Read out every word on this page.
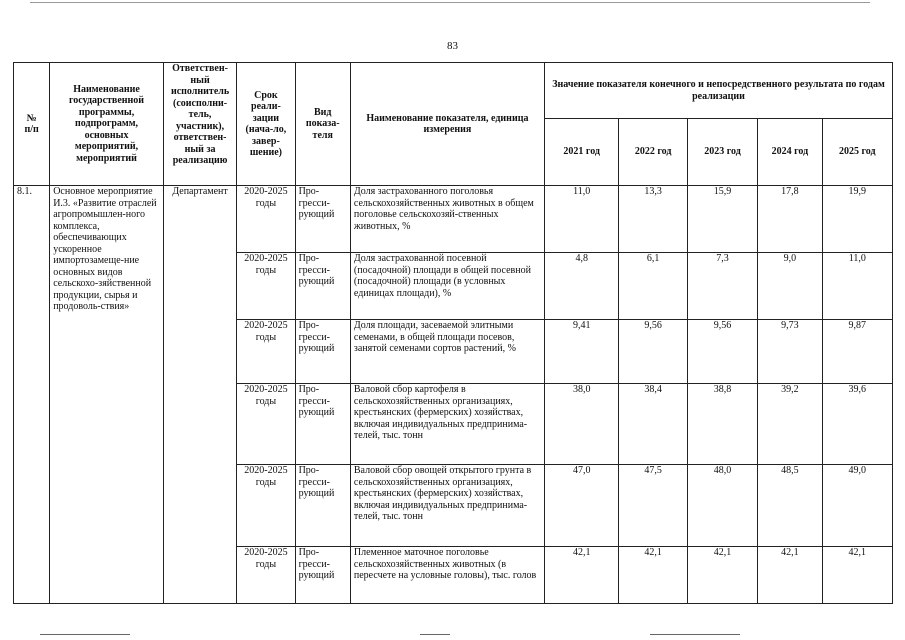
83
№
п/п	Наименование государственной программы, подпрограмм, основных мероприятий, мероприятий	Ответствен-ный исполнитель (соисполни-тель, участник), ответствен-ный за реализацию	Срок реали-зации (нача-ло, завер-шение)	Вид показа-теля	Наименование показателя, единица измерения	Значение показателя конечного и непосредственного результата по годам реализации				
						2021 год	2022 год	2023 год	2024 год	2025 год
8.1.	Основное мероприятие И.3. «Развитие отраслей агропромышлен-ного комплекса, обеспечивающих ускоренное импортозамеще-ние основных видов сельскохо-зяйственной продукции, сырья и продоволь-ствия»	Департамент	2020-2025 годы	Про-гресси-рующий	Доля застрахованного поголовья сельскохозяйственных животных в общем поголовье сельскохозяй-ственных животных, %	11,0	13,3	15,9	17,8	19,9
			2020-2025 годы	Про-гресси-рующий	Доля застрахованной посевной (посадочной) площади в общей посевной (посадочной) площади (в условных единицах площади), %	4,8	6,1	7,3	9,0	11,0
			2020-2025 годы	Про-гресси-рующий	Доля площади, засеваемой элитными семенами, в общей площади посевов, занятой семенами сортов растений, %	9,41	9,56	9,56	9,73	9,87
			2020-2025 годы	Про-гресси-рующий	Валовой сбор картофеля в сельскохозяйственных организациях, крестьянских (фермерских) хозяйствах, включая индивидуальных предпринима-телей, тыс. тонн	38,0	38,4	38,8	39,2	39,6
			2020-2025 годы	Про-гресси-рующий	Валовой сбор овощей открытого грунта в сельскохозяйственных организациях, крестьянских (фермерских) хозяйствах, включая индивидуальных предпринима-телей, тыс. тонн	47,0	47,5	48,0	48,5	49,0
			2020-2025 годы	Про-гресси-рующий	Племенное маточное поголовье сельскохозяйственных животных (в пересчете на условные головы), тыс. голов	42,1	42,1	42,1	42,1	42,1
